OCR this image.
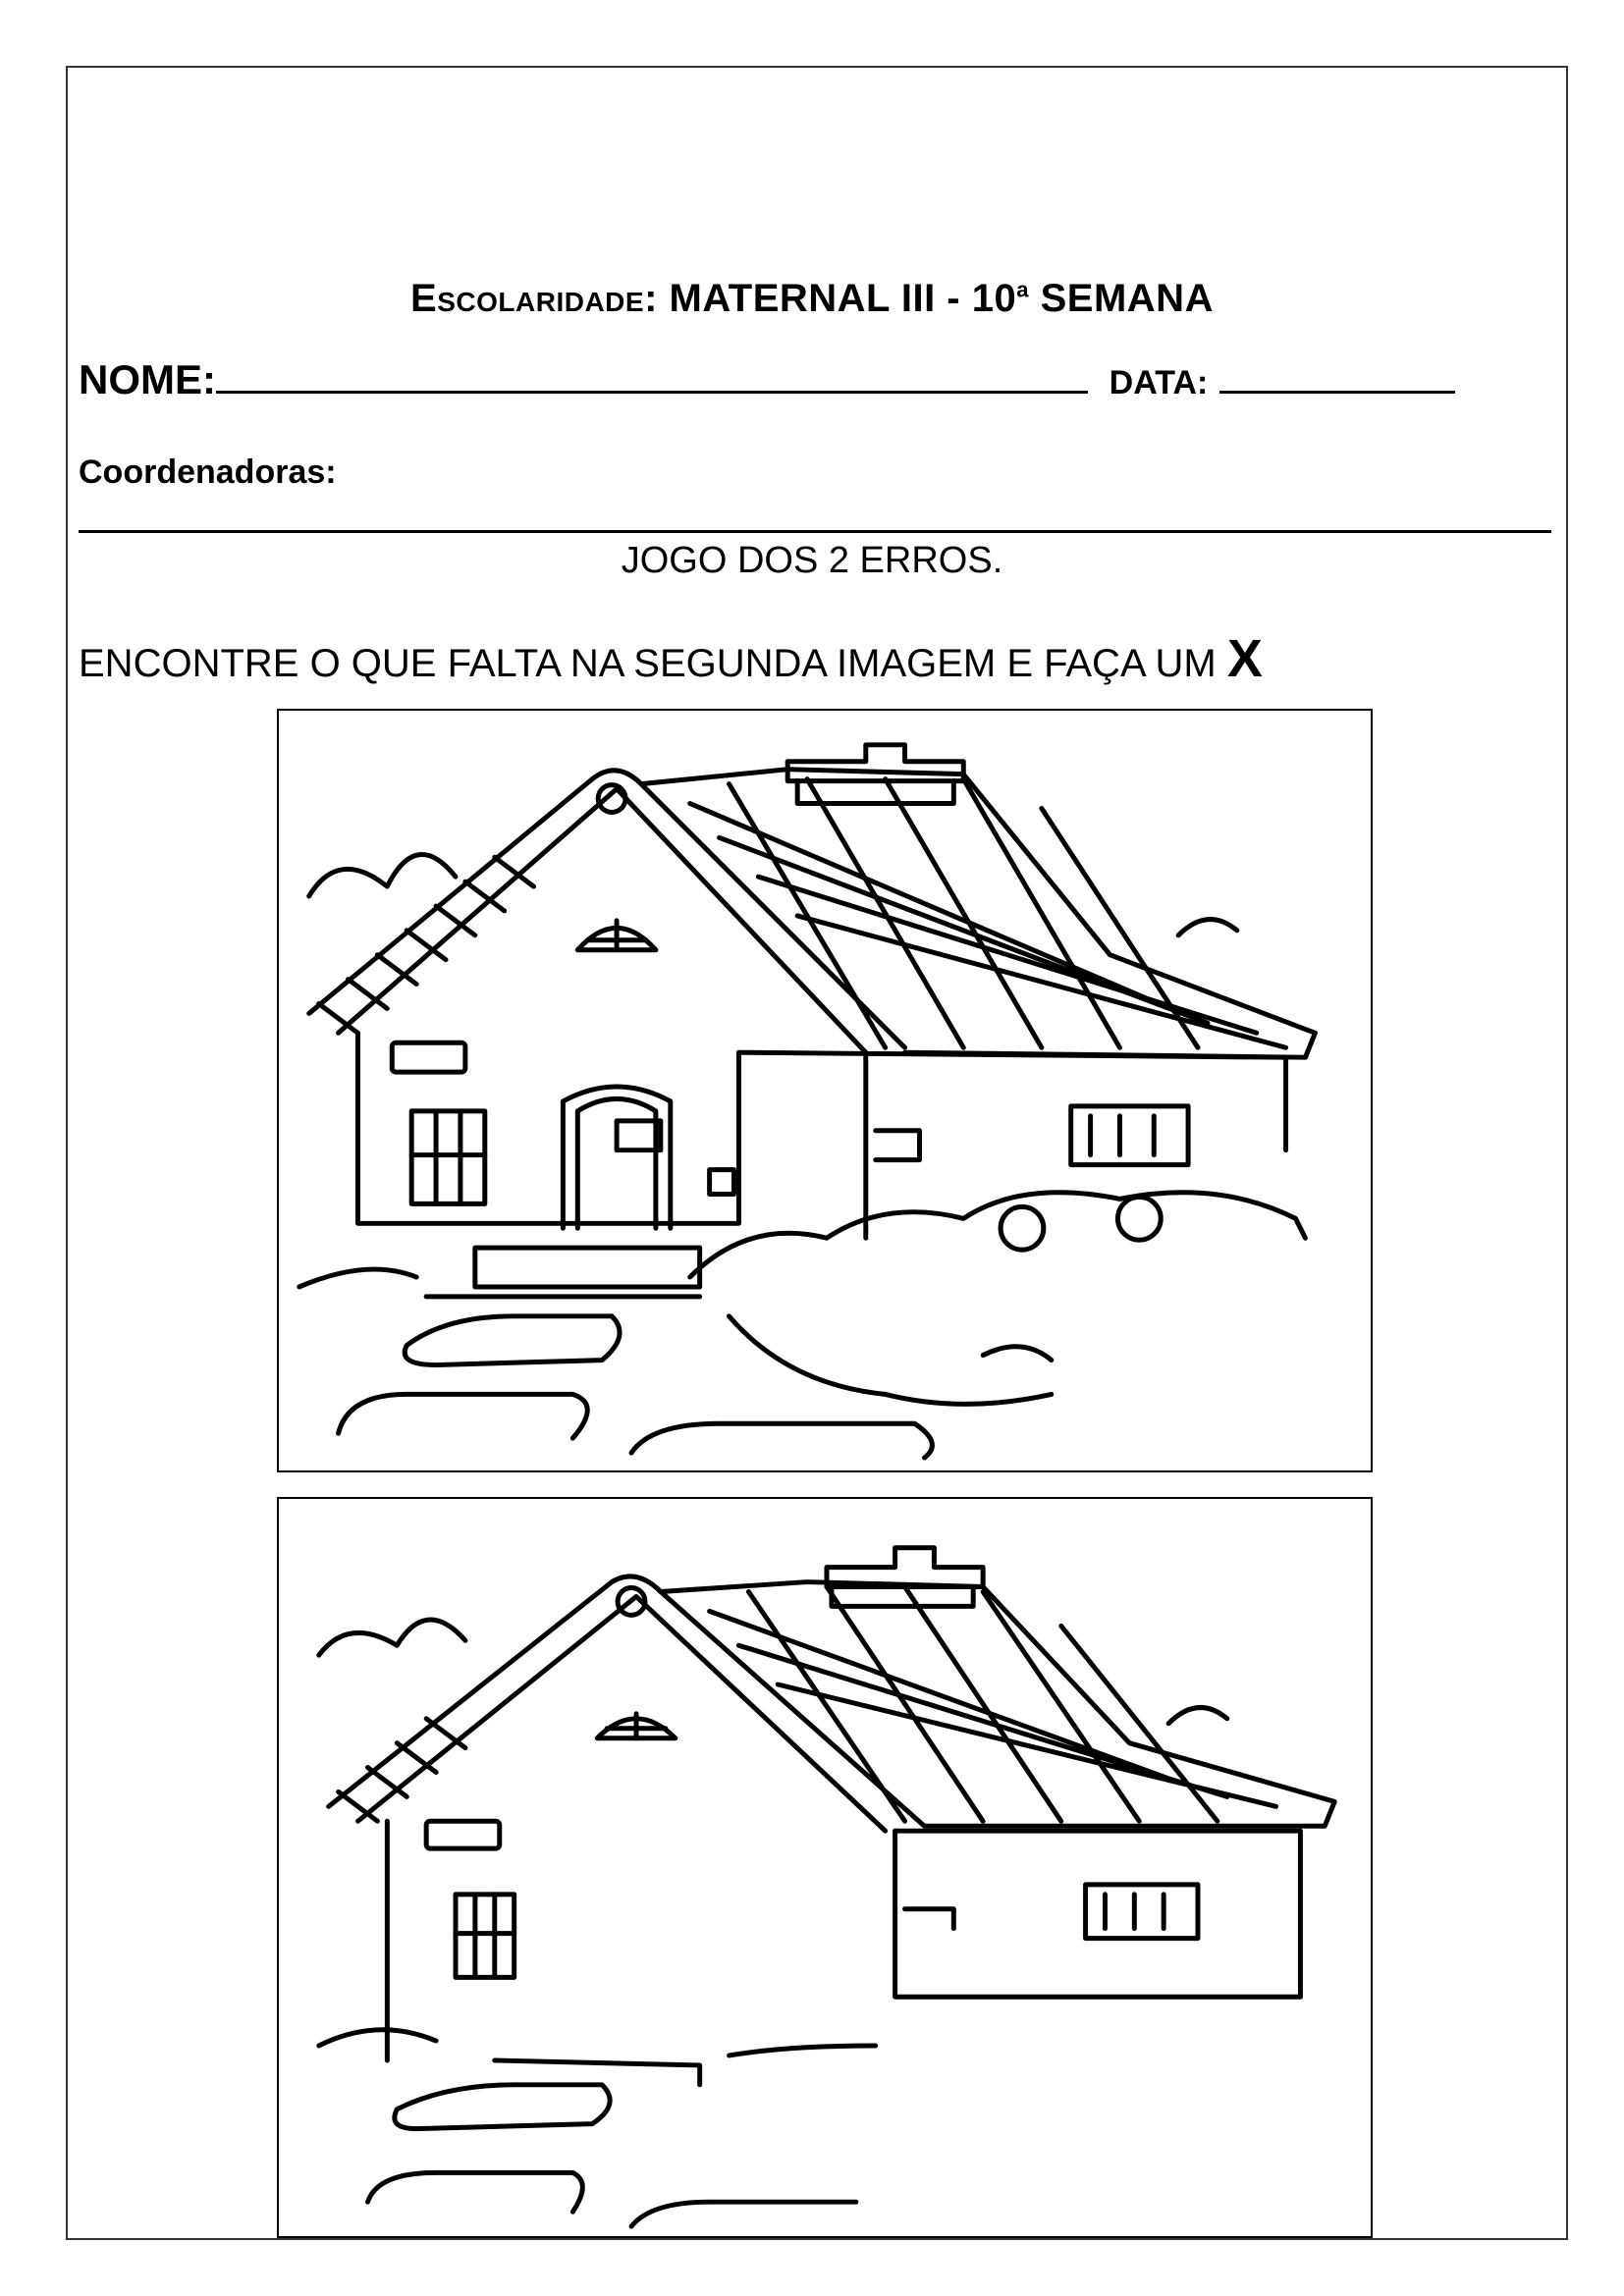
Escolaridade: MATERNAL III - 10$^a$ SEMANA
NOME:	DATA:
Coordenadoras:
JOGO DOS 2 ERROS.
ENCONTRE O QUE FALTA NA SEGUNDA IMAGEM E FAÇA UM X
